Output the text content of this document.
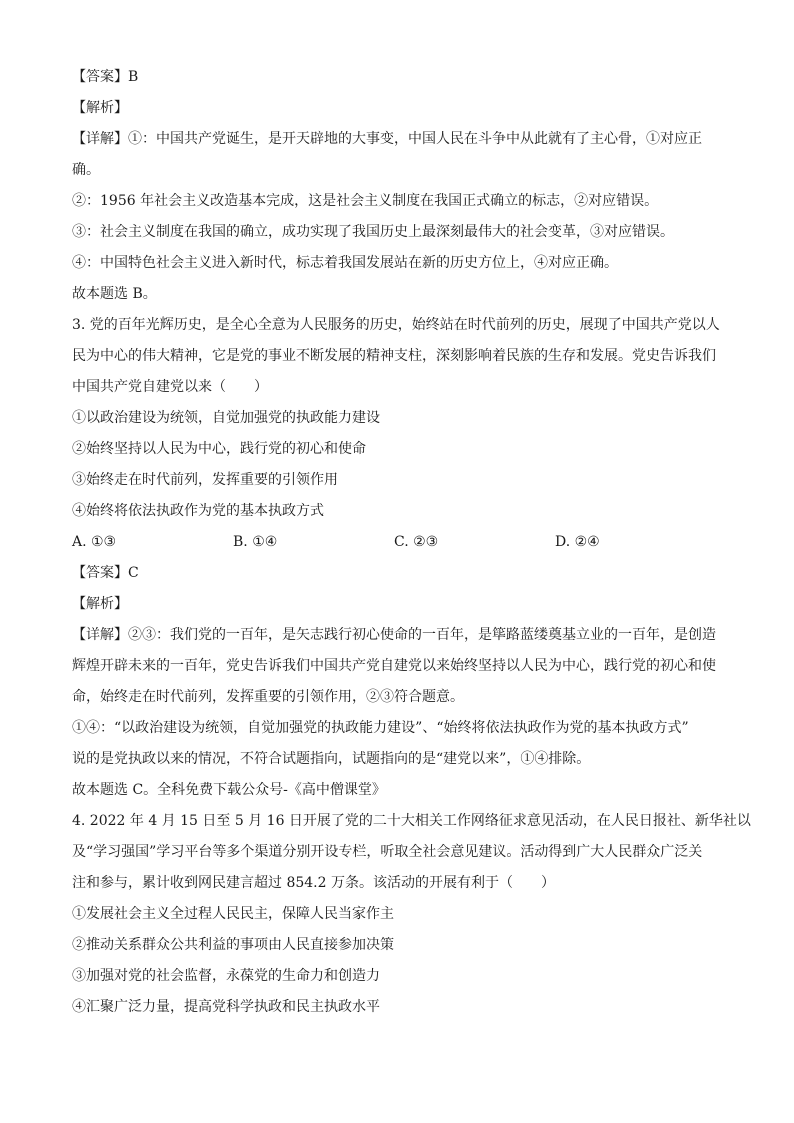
【答案】B
【解析】
【详解】①：中国共产党诞生，是开天辟地的大事变，中国人民在斗争中从此就有了主心骨，①对应正
确。
②：1956 年社会主义改造基本完成，这是社会主义制度在我国正式确立的标志，②对应错误。
③：社会主义制度在我国的确立，成功实现了我国历史上最深刻最伟大的社会变革，③对应错误。
④：中国特色社会主义进入新时代，标志着我国发展站在新的历史方位上，④对应正确。
故本题选 B。
3. 党的百年光辉历史，是全心全意为人民服务的历史，始终站在时代前列的历史，展现了中国共产党以人
民为中心的伟大精神，它是党的事业不断发展的精神支柱，深刻影响着民族的生存和发展。党史告诉我们
中国共产党自建党以来（　　）
①以政治建设为统领，自觉加强党的执政能力建设
②始终坚持以人民为中心，践行党的初心和使命
③始终走在时代前列，发挥重要的引领作用
④始终将依法执政作为党的基本执政方式
A. ①③	B. ①④	C. ②③	D. ②④
【答案】C
【解析】
【详解】②③：我们党的一百年，是矢志践行初心使命的一百年，是筚路蓝缕奠基立业的一百年，是创造
辉煌开辟未来的一百年，党史告诉我们中国共产党自建党以来始终坚持以人民为中心，践行党的初心和使
命，始终走在时代前列，发挥重要的引领作用，②③符合题意。
①④：“以政治建设为统领，自觉加强党的执政能力建设”、“始终将依法执政作为党的基本执政方式”
说的是党执政以来的情况，不符合试题指向，试题指向的是“建党以来”，①④排除。
故本题选 C。全科免费下载公众号-《高中僧课堂》
4. 2022 年 4 月 15 日至 5 月 16 日开展了党的二十大相关工作网络征求意见活动，在人民日报社、新华社以
及“学习强国”学习平台等多个渠道分别开设专栏，听取全社会意见建议。活动得到广大人民群众广泛关
注和参与，累计收到网民建言超过 854.2 万条。该活动的开展有利于（　　）
①发展社会主义全过程人民民主，保障人民当家作主
②推动关系群众公共利益的事项由人民直接参加决策
③加强对党的社会监督，永葆党的生命力和创造力
④汇聚广泛力量，提高党科学执政和民主执政水平
